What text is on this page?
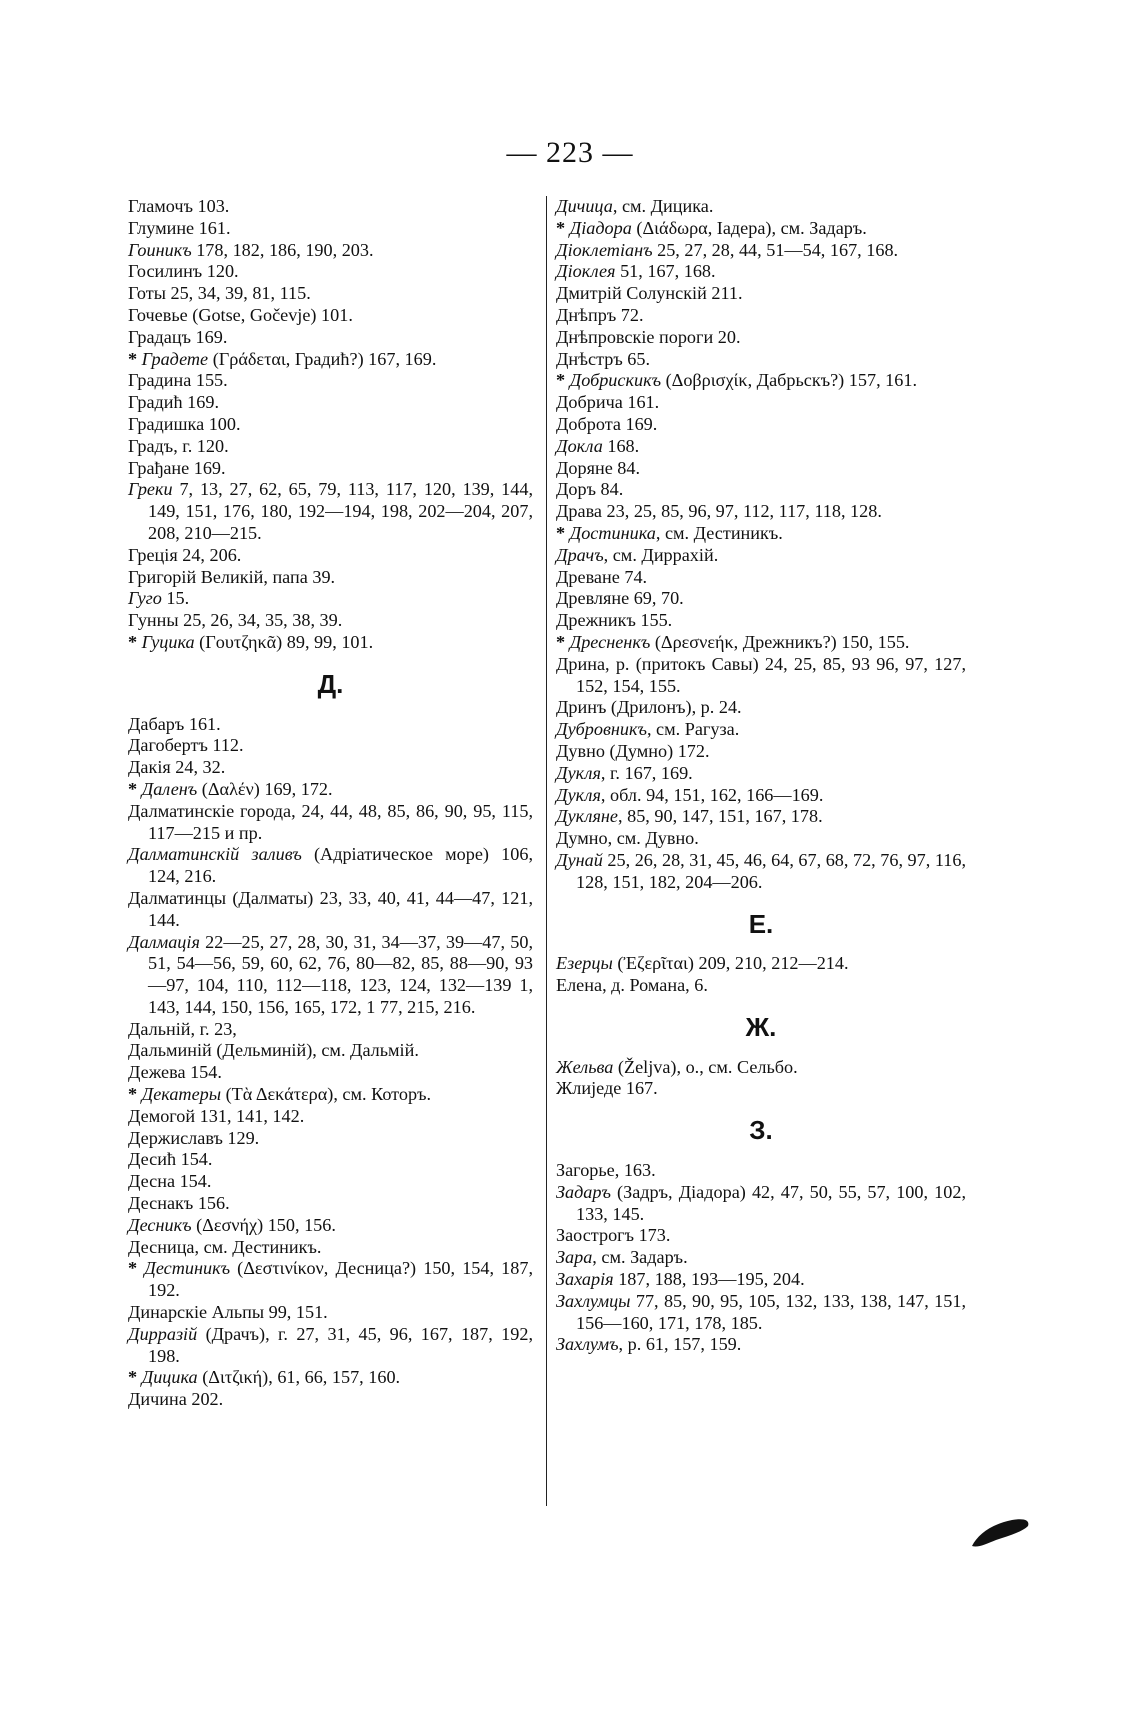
— 223 —

Гламочъ 103.

Глумине 161.

Гоиникъ 178, 182, 186, 190, 203.

Госилинъ 120.

Готы 25, 34, 39, 81, 115.

Гочевье (Gotse, Gočevje) 101.

Градацъ 169.

* Градете (Γράδεται, Градић?) 167, 169.

Градина 155.

Градић 169.

Градишка 100.

Градъ, г. 120.

Грађане 169.

Греки 7, 13, 27, 62, 65, 79, 113, 117, 120, 139, 144, 149, 151, 176, 180, 192—194, 198, 202—204, 207, 208, 210—215.

Греція 24, 206.

Григорій Великій, папа 39.

Гуго 15.

Гунны 25, 26, 34, 35, 38, 39.

* Гуцика (Γουτζηκᾶ) 89, 99, 101.

Д.

Дабаръ 161.

Дагобертъ 112.

Дакія 24, 32.

* Даленъ (Δαλέν) 169, 172.

Далматинскіе города, 24, 44, 48, 85, 86, 90, 95, 115, 117—215 и пр.

Далматинскій заливъ (Адріатическое море) 106, 124, 216.

Далматинцы (Далматы) 23, 33, 40, 41, 44—47, 121, 144.

Далмація 22—25, 27, 28, 30, 31, 34—37, 39—47, 50, 51, 54—56, 59, 60, 62, 76, 80—82, 85, 88—90, 93—97, 104, 110, 112—118, 123, 124, 132—139 1, 143, 144, 150, 156, 165, 172, 1 77, 215, 216.

Дальній, г. 23,

Дальминій (Дельминій), см. Дальмій.

Дежева 154.

* Декатеры (Τὰ Δεκάτερα), см. Которъ.

Демогой 131, 141, 142.

Держиславъ 129.

Десић 154.

Десна 154.

Деснакъ 156.

Десникъ (Δεσνήχ) 150, 156.

Десница, см. Дестиникъ.

* Дестиникъ (Δεστινίκον, Десница?) 150, 154, 187, 192.

Динарскіе Альпы 99, 151.

Дирразій (Драчъ), г. 27, 31, 45, 96, 167, 187, 192, 198.

* Дицика (Διτζική), 61, 66, 157, 160.

Дичина 202.

Дичица, см. Дицика.

* Діадора (Διάδωρα, Іадера), см. Задаръ.

Діоклетіанъ 25, 27, 28, 44, 51—54, 167, 168.

Діоклея 51, 167, 168.

Дмитрій Солунскій 211.

Днѣпръ 72.

Днѣпровскіе пороги 20.

Днѣстръ 65.

* Добрискикъ (Δοβρισχίκ, Дабрьскъ?) 157, 161.

Добрича 161.

Доброта 169.

Докла 168.

Доряне 84.

Доръ 84.

Драва 23, 25, 85, 96, 97, 112, 117, 118, 128.

* Достиника, см. Дестиникъ.

Драчъ, см. Диррахій.

Древане 74.

Древляне 69, 70.

Дрежникъ 155.

* Дресненкъ (Δρεσνεήκ, Дрежникъ?) 150, 155.

Дрина, р. (притокъ Савы) 24, 25, 85, 93 96, 97, 127, 152, 154, 155.

Дринъ (Дрилонъ), р. 24.

Дубровникъ, см. Рагуза.

Дувно (Думно) 172.

Дукля, г. 167, 169.

Дукля, обл. 94, 151, 162, 166—169.

Дукляне, 85, 90, 147, 151, 167, 178.

Думно, см. Дувно.

Дунай 25, 26, 28, 31, 45, 46, 64, 67, 68, 72, 76, 97, 116, 128, 151, 182, 204—206.

Е.

Езерцы (Ἐζερῖται) 209, 210, 212—214.

Елена, д. Романа, 6.

Ж.

Жельва (Željva), о., см. Сельбо.

Жлиједе 167.

З.

Загорье, 163.

Задаръ (Задръ, Діадора) 42, 47, 50, 55, 57, 100, 102, 133, 145.

Заострогъ 173.

Зара, см. Задаръ.

Захарія 187, 188, 193—195, 204.

Захлумцы 77, 85, 90, 95, 105, 132, 133, 138, 147, 151, 156—160, 171, 178, 185.

Захлумъ, р. 61, 157, 159.
